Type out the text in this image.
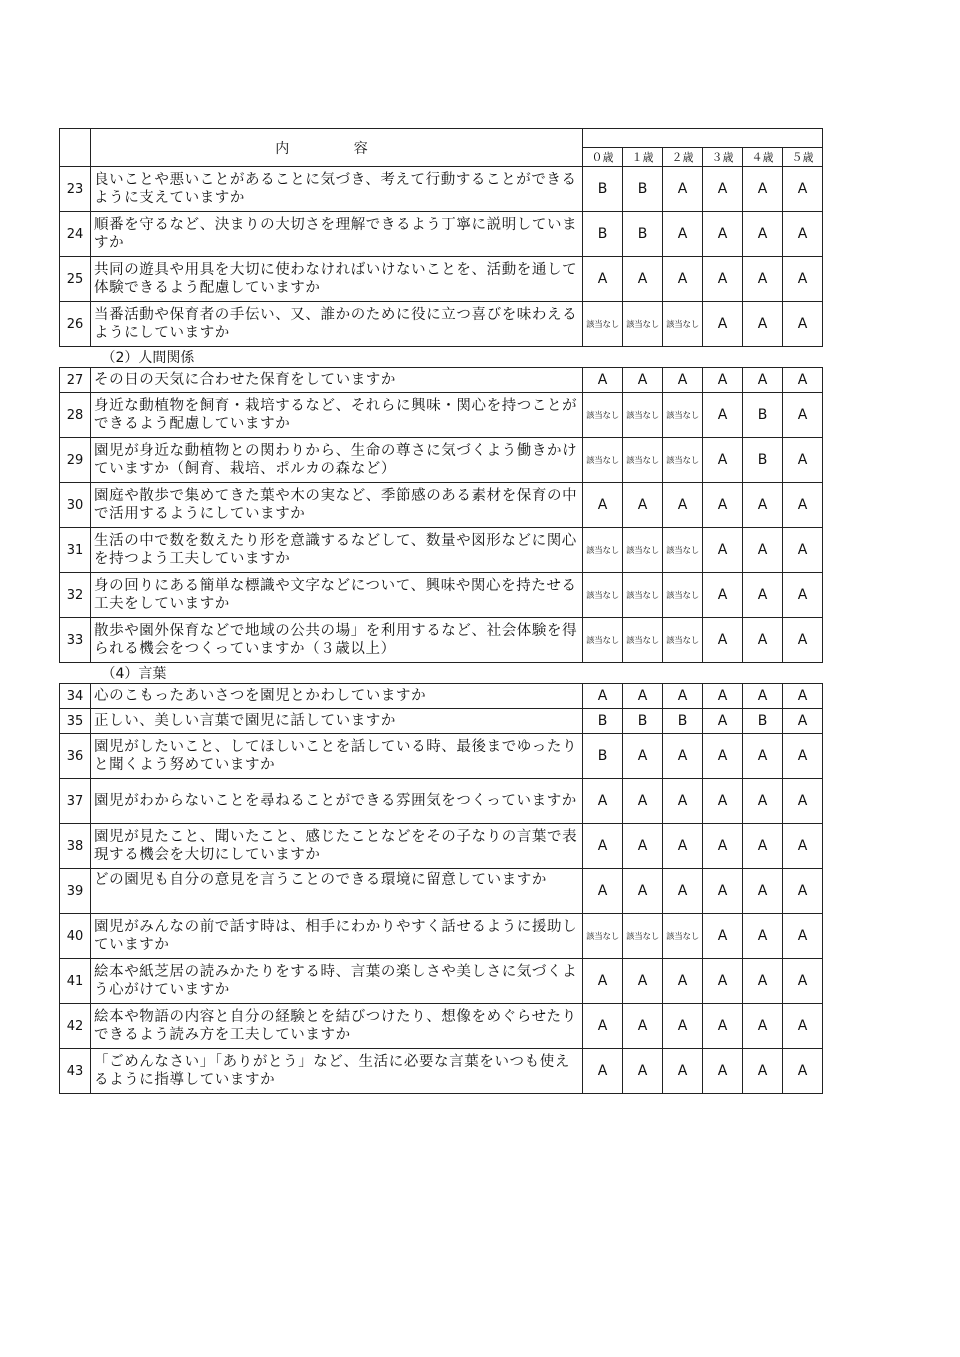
	内 容						
		０歳	１歳	２歳	３歳	４歳	５歳
23	良いことや悪いことがあることに気づき、考えて行動することができるように支えていますか	B	B	A	A	A	A
24	順番を守るなど、決まりの大切さを理解できるよう丁寧に説明していますか	B	B	A	A	A	A
25	共同の遊具や用具を大切に使わなければいけないことを、活動を通して体験できるよう配慮していますか	A	A	A	A	A	A
26	当番活動や保育者の手伝い、又、誰かのために役に立つ喜びを味わえるようにしていますか	該当なし	該当なし	該当なし	A	A	A
（2）人間関係							
27	その日の天気に合わせた保育をしていますか	A	A	A	A	A	A
28	身近な動植物を飼育・栽培するなど、それらに興味・関心を持つことができるよう配慮していますか	該当なし	該当なし	該当なし	A	B	A
29	園児が身近な動植物との関わりから、生命の尊さに気づくよう働きかけていますか（飼育、栽培、ポルカの森など）	該当なし	該当なし	該当なし	A	B	A
30	園庭や散歩で集めてきた葉や木の実など、季節感のある素材を保育の中で活用するようにしていますか	A	A	A	A	A	A
31	生活の中で数を数えたり形を意識するなどして、数量や図形などに関心を持つよう工夫していますか	該当なし	該当なし	該当なし	A	A	A
32	身の回りにある簡単な標識や文字などについて、興味や関心を持たせる工夫をしていますか	該当なし	該当なし	該当なし	A	A	A
33	散歩や園外保育などで地域の公共の場」を利用するなど、社会体験を得られる機会をつくっていますか（３歳以上）	該当なし	該当なし	該当なし	A	A	A
（4）言葉							
34	心のこもったあいさつを園児とかわしていますか	A	A	A	A	A	A
35	正しい、美しい言葉で園児に話していますか	B	B	B	A	B	A
36	園児がしたいこと、してほしいことを話している時、最後までゆったりと聞くよう努めていますか	B	A	A	A	A	A
37	園児がわからないことを尋ねることができる雰囲気をつくっていますか	A	A	A	A	A	A
38	園児が見たこと、聞いたこと、感じたことなどをその子なりの言葉で表現する機会を大切にしていますか	A	A	A	A	A	A
39	どの園児も自分の意見を言うことのできる環境に留意していますか	A	A	A	A	A	A
40	園児がみんなの前で話す時は、相手にわかりやすく話せるように援助していますか	該当なし	該当なし	該当なし	A	A	A
41	絵本や紙芝居の読みかたりをする時、言葉の楽しさや美しさに気づくよう心がけていますか	A	A	A	A	A	A
42	絵本や物語の内容と自分の経験とを結びつけたり、想像をめぐらせたりできるよう読み方を工夫していますか	A	A	A	A	A	A
43	「ごめんなさい」「ありがとう」など、生活に必要な言葉をいつも使えるように指導していますか	A	A	A	A	A	A
